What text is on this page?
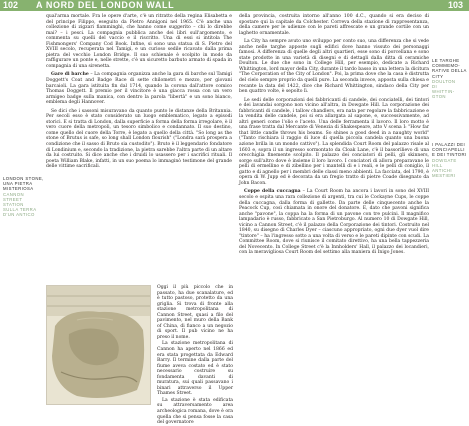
102 A NORD DEL LONDON WALL	103

qual'arma mortale. Fra le opere d'arte, c'è un ritratto della regina Elisabetta e del principe Filippo, eseguito da Pietro Annigoni nel 1965. C'è anche una collezione di zigzari fiamminghi, che hanno come suggerito – chi lo direbbe mai? – i pesci. La compagnia pubblica anche dei libri sull'argomento, e commenta su quelli del vaccio e il riscritto. Una di essi si intitola The Fishmongers' Company Cod Book. Infine, si sono una statua di S. Pietro del XVIII secolo, recuperata nel Tamigi, e un curioso sedile ricavato dalla prima pietra del vecchio London Bridge. Il suo schienale è scolpito in modo da raffigurare un ponte e, nelle strette, c'è un sicuretto barbuto armato di spada in compagnia di una sirenetta.

Gare di barche – La compagnia organizza anche la gara di barche sul Tamigi Doggett's Coat and Badge Race di sette chilometri e mezzo, per giovani barcaioli. La gara istituita fin dal 1714, quando la corona dall'attore comico Thomas Doggett. Il premio per il vincitore è una giacca rossa con un vero armigeo badge sulla manica, con dentro la parola "libertà" e un sono bianco, emblema degli Hannover.

Se dici che i sassoni misuravano da quanto punto le distanze della Britannia. Per secoli esso è stato considerato un luogo emblematico, legato a episodi storici. E si tratta di London, dalla superficie a forma della forma irregolare, è il vero cuore della metropoli, un tesoro simbolico e condannato. Il suo destino, come quello del cuore della Torre, è legato a quello della città. "So long as the stone of Brutus is safe, so long shall London flourish" ("Londra sarà prospera a condizione che il sasso di Bruto sia custodito"). Bruto è il leggendario fondatore di Londinium e, secondo la tradizione, la pietra sarebbe l'altra parte di un altare da lui costruito. Si dice anche che i druidi lo usassero per i sacrifici rituali. Il poeta William Blake, infatti, in un suo poema lo immaginò testimone del grande delle vittime sacrificali.

Oggi il più piccolo che in passato, ha due scanalature, ed è tutto pastoso, protetto da una griglia. Si trova di fronte alla stazione metropolitana di Cannon Street, quasi a filo del pavimento, nel muro della Bank of China, di fianco a un negozio di sport. Il pub vicino ne ha preso il nome.

La stazione metropolitana di Cannon ha aperto nel 1866 ed era stata progettata da Edward Barry. Il termine dalla parte del fiume aveva costato ed è stato necessario costruire su fondamenta davanti di muratura, sui quali passavano i binari attraverso il Upper Thames Street.

La stazione è stata edificata su attraversamento area archeologica romana, dove è ora quella che si pensa fosse la casa del governatore

della provincia, costruita intorno all'anno 100 d.C., quando si era deciso di spostare qui la capitale da Colchester. Correva della stazione di rappresentanza, della camere per le udienze con le pareti affrescate e un grande cortile con un laghetto ornamentale.

La City ha sempre avuto uno sviluppo per conto suo, una differenza che si vede anche nelle targhe apposte sugli edifici dove hanno vissuto dei personaggi famosi. A differenza di quelle degli altri quartieri, esse sono di porcellana e sono state prodotte in una varietà di disegni e di dettagli dalla ditta di ceramiche Doulton. Le due che sono in College Hill, per esempio, dedicate a Richard Whittington, lord mayor della City, durante il tardo basso in una lettera la dicitura "The Corporation of the City of London". Poi, la prima dove che la casa è distrutta del cielo sempre proprio da quelli pure. La seconda invece, apposta sulla chiesa e recante la data del 1422, dice che Richard Whittington, sindaco della City per ben quattro volte, è sepolto lì.

Le sedi delle corporazioni dei fabbricanti di candele, dei conciatelli, dei tintori e dei lavandai sorgono non vicino all'altra, in Dowgate Hill. La corporazione dei fabbricanti di candele, i tallow chandlers, era nata per regolare la fabbricazione e la vendita delle candele, poi si era allargata al sapone, e, successivamente, ad altri generi come l'olio e l'aceto. Una delle ferramenta il lavoro. Il loro motto è una frase tratta dal Mercante di Venezia di Shakespeare, atto V scena I: "How far that little candle throws his beams. So shines a good deed in a naughty world" ("Tanto rischiara il raggio di luce di quella piccola candela quanto una buona azione brilla in un mondo cattivo"). La splendida Court Room del palazzo risale al 1603 e, sopra il un ingresso sormontato da Cloak Lane, c'è il bassorilievo di una orecchiglia finemente scolpito. Il palazzo dei conciatori di pelli, gli skinners, sorge sull'altro dove è insieme il loro lavoro. I conciatori di allora preparavano le pelli di ermellino e di zibellino per i mantelli di e i reali, e le pelli di coniglio, il gatto e di agnello per i membri delle classi meno abbienti. La facciata, del 1790, è opera di W. Jupp ed è decorata da un fregio tratto di pietre Coade disegnato da John Bacon.

Coppe della cuccagna – La Court Room ha ancora i lavori in sono del XVIII secolo e ospita una rara collezione di argenti, tra cui le Cockayne Cups, le coppe della cuccagna, dalla forma di galletto. Da parte delle cinquecento anche la Peacock Cup, così chiamata in onore del donatore. E, dato che pavoni significa anche "pavone", la coppa ha la forma di un pavone con tre pulcini. Il magnifico lampadario è russo, fabbricato a San Pietroburgo. Al numero 10 di Dowgate Hill, vicino a Cannon Street, c'è il palazzo della Corporazione dei tintori. Costruito nel 1840, su disegno di Charles Dyer – ciascuno appropriato, ogni due dyer vuol dire "tintore" – ha l'ingresso sotto a una volta di verso e le pareti dipinte con scudi. La Committee Room, dove si riunisce il comitato direttivo, ha una bella tappezzeria del Novecento. In College Street c'è la Innholders' Hall, il palazzo dei locandieri, con la meravigliosa Court Room del settimo alla maniera di Inigo Jones.

LONDON STONE,
UNA PIETRA
MISTERIOSA
CANNON
STREET
STATION
SULLA TERRA
D'UN ANTICO
LE TARGHE
COMMEMO-
RATIVE DELLA
CITY
DOULTON
DI
WHITTIN-
GTON
I PALAZZI DEI
CONCIAPELLI
E DEI TINTORI
DOWGATE
HILL
ANTICHI
MESTIERI
